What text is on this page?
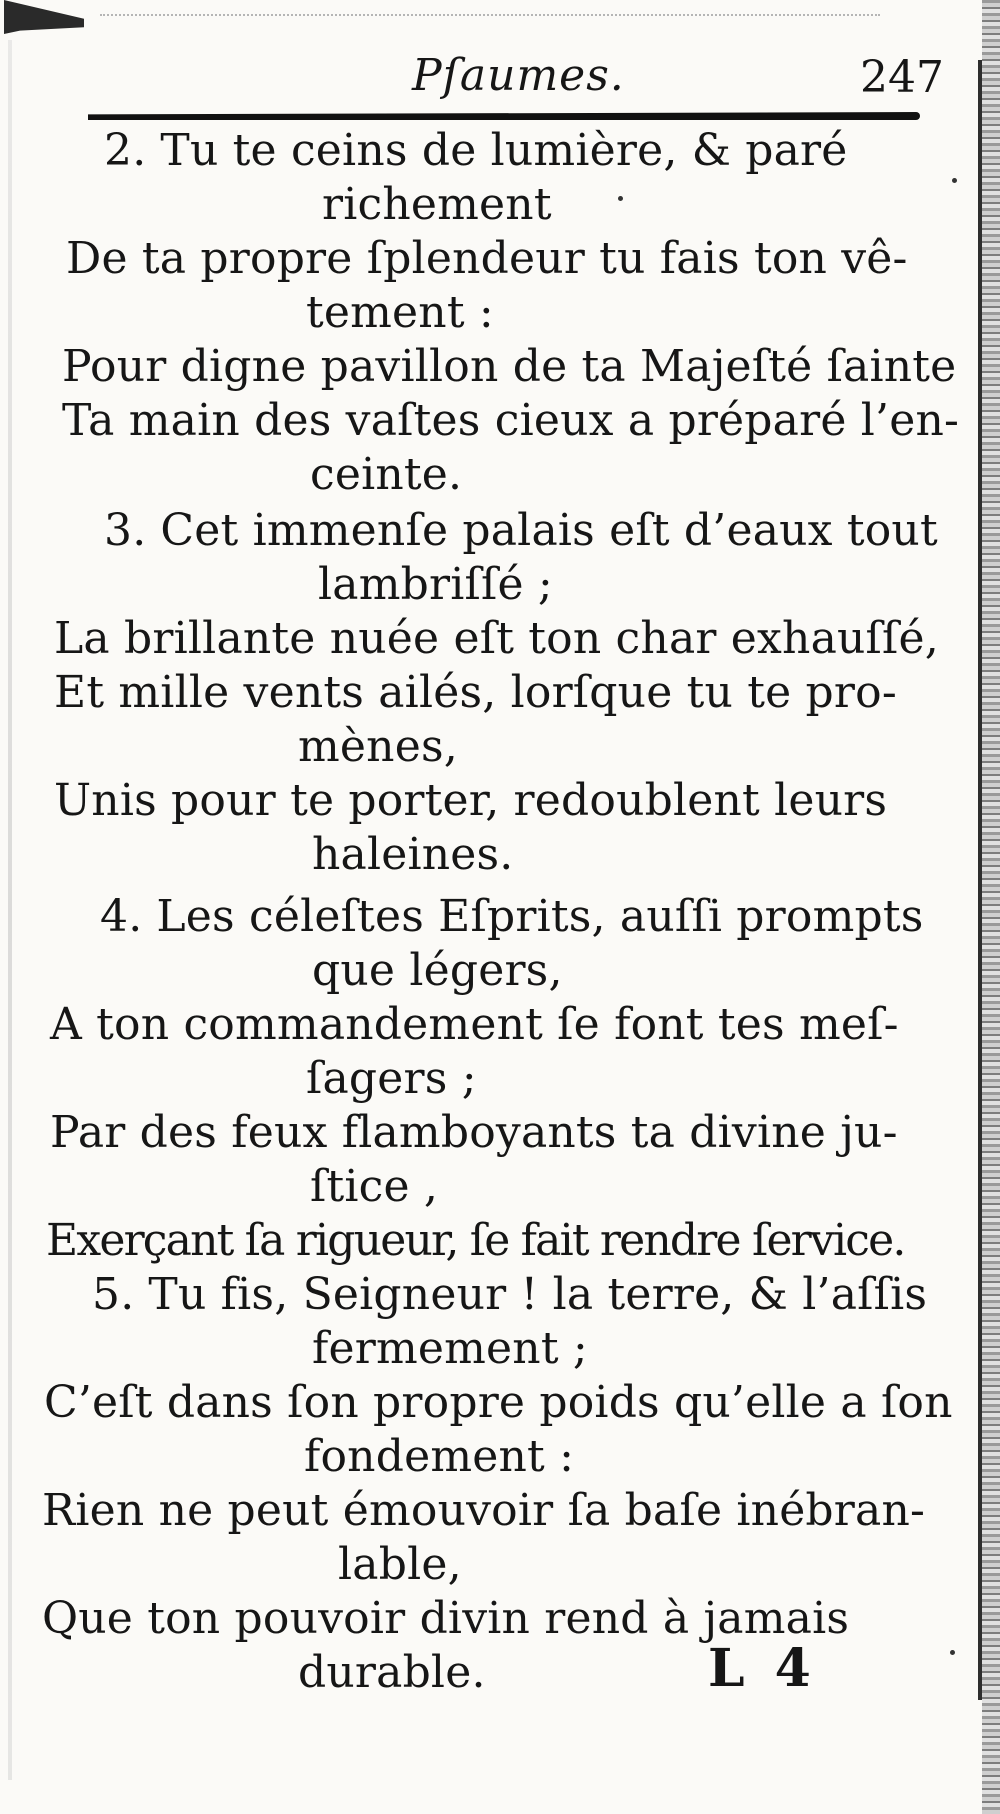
Pſaumes.	247
2. Tu te ceins de lumière, & paré
richement
De ta propre ſplendeur tu fais ton vê-
tement :
Pour digne pavillon de ta Majeſté ſainte
Ta main des vaſtes cieux a préparé l’en-
ceinte.
3. Cet immenſe palais eſt d’eaux tout
lambriſſé ;
La brillante nuée eſt ton char exhauſſé,
Et mille vents ailés, lorſque tu te pro-
mènes,
Unis pour te porter, redoublent leurs
haleines.
4. Les céleſtes Eſprits, auſſi prompts
que légers,
A ton commandement ſe font tes meſ-
ſagers ;
Par des feux flamboyants ta divine ju-
ſtice ,
Exerçant ſa rigueur, ſe fait rendre ſervice.
5. Tu fis, Seigneur ! la terre, & l’aſſis
fermement ;
C’eſt dans ſon propre poids qu’elle a ſon
fondement :
Rien ne peut émouvoir ſa baſe inébran-
lable,
Que ton pouvoir divin rend à jamais
durable.	L 4
